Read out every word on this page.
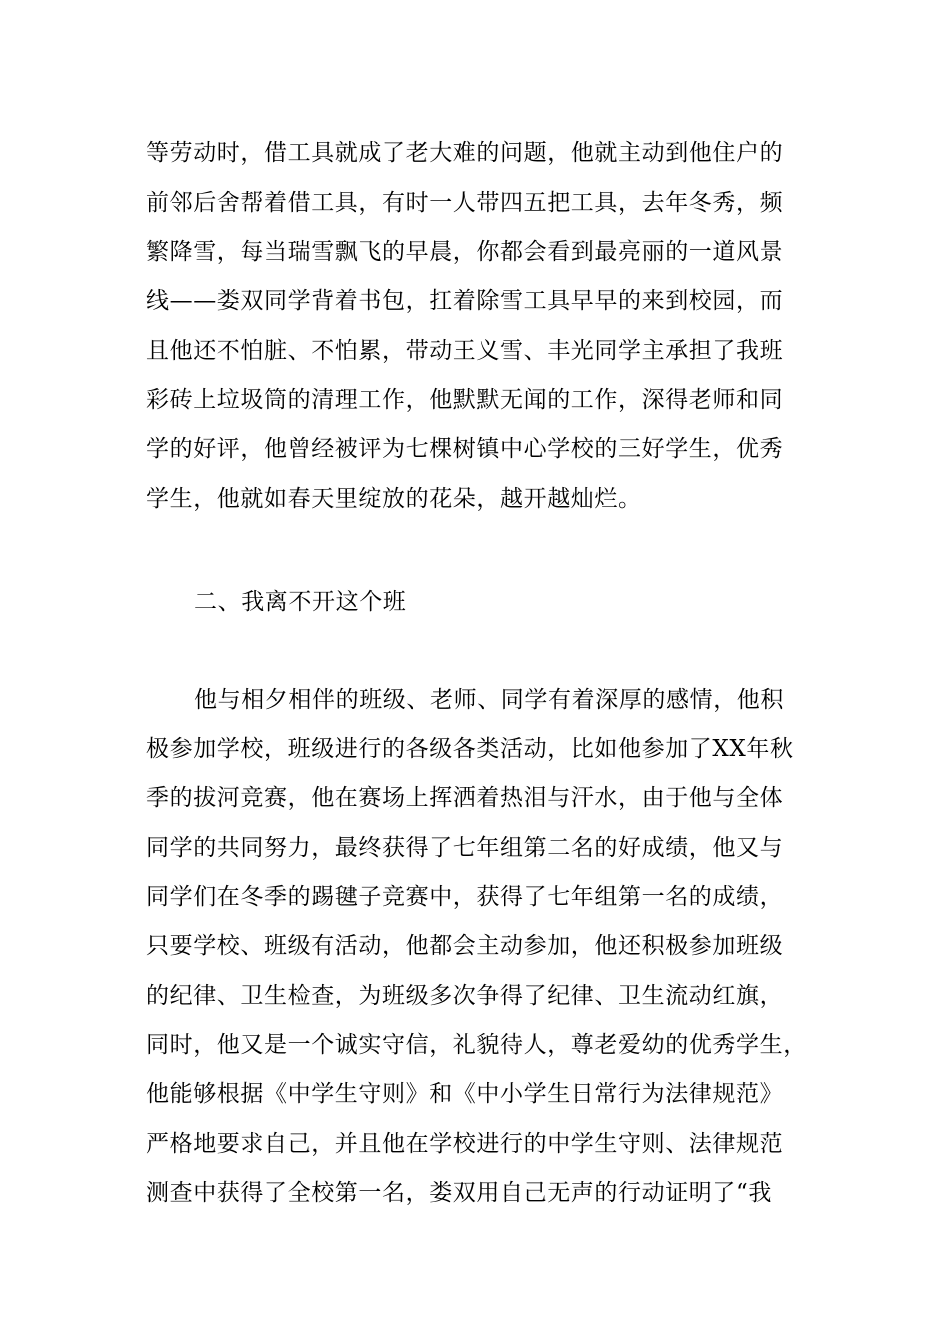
等劳动时，借工具就成了老大难的问题，他就主动到他住户的
前邻后舍帮着借工具，有时一人带四五把工具，去年冬秀，频
繁降雪，每当瑞雪飘飞的早晨，你都会看到最亮丽的一道风景
线——娄双同学背着书包，扛着除雪工具早早的来到校园，而
且他还不怕脏、不怕累，带动王义雪、丰光同学主承担了我班
彩砖上垃圾筒的清理工作，他默默无闻的工作，深得老师和同
学的好评，他曾经被评为七棵树镇中心学校的三好学生，优秀
学生，他就如春天里绽放的花朵，越开越灿烂。
二、我离不开这个班
他与相夕相伴的班级、老师、同学有着深厚的感情，他积
极参加学校，班级进行的各级各类活动，比如他参加了XX年秋
季的拔河竞赛，他在赛场上挥洒着热泪与汗水，由于他与全体
同学的共同努力，最终获得了七年组第二名的好成绩，他又与
同学们在冬季的踢毽子竞赛中，获得了七年组第一名的成绩，
只要学校、班级有活动，他都会主动参加，他还积极参加班级
的纪律、卫生检查，为班级多次争得了纪律、卫生流动红旗，
同时，他又是一个诚实守信，礼貌待人，尊老爱幼的优秀学生，
他能够根据《中学生守则》和《中小学生日常行为法律规范》
严格地要求自己，并且他在学校进行的中学生守则、法律规范
测查中获得了全校第一名，娄双用自己无声的行动证明了“我
